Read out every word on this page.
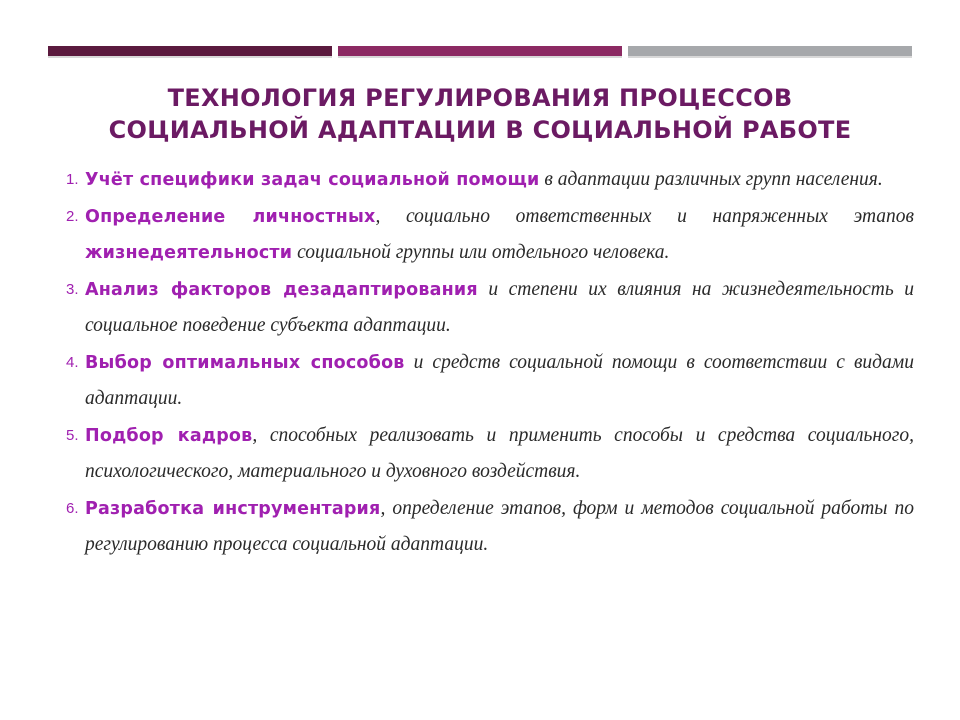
ТЕХНОЛОГИЯ РЕГУЛИРОВАНИЯ ПРОЦЕССОВ
СОЦИАЛЬНОЙ АДАПТАЦИИ В СОЦИАЛЬНОЙ РАБОТЕ
1. Учёт специфики задач социальной помощи в адаптации различных групп населения.
2. Определение личностных, социально ответственных и напряженных этапов жизнедеятельности социальной группы или отдельного человека.
3. Анализ факторов дезадаптирования и степени их влияния на жизнедеятельность и социальное поведение субъекта адаптации.
4. Выбор оптимальных способов и средств социальной помощи в соответствии с видами адаптации.
5. Подбор кадров, способных реализовать и применить способы и средства социального, психологического, материального и духовного воздействия.
6. Разработка инструментария, определение этапов, форм и методов социальной работы по регулированию процесса социальной адаптации.
